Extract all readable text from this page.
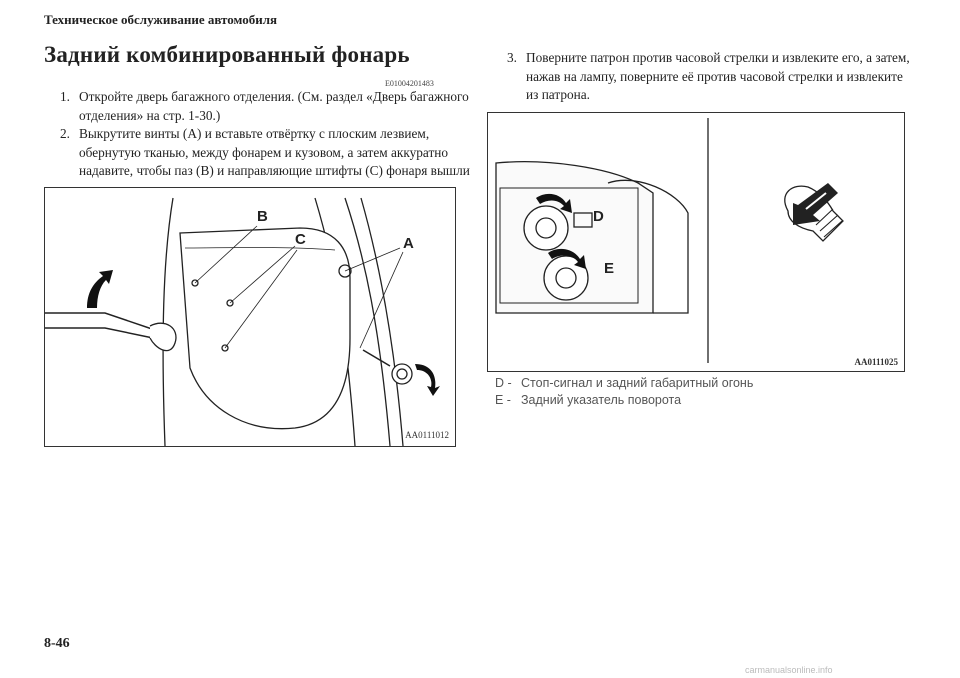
Техническое обслуживание автомобиля
Задний комбинированный фонарь
E01004201483
1. Откройте дверь багажного отделения. (См. раздел «Дверь багажного отделения» на стр. 1-30.)
2. Выкрутите винты (А) и вставьте отвёртку с плоским лезвием, обернутую тканью, между фонарем и кузовом, а затем аккуратно надавите, чтобы паз (B) и направляющие штифты (C) фонаря вышли
3. Поверните патрон против часовой стрелки и извлеките его, а затем, нажав на лампу, поверните её против часовой стрелки и извлеките из патрона.
B
C	A
AA0111012
D
E
AA0111025
D - Стоп-сигнал и задний габаритный огонь
E - Задний указатель поворота
8-46
carmanualsonline.info
